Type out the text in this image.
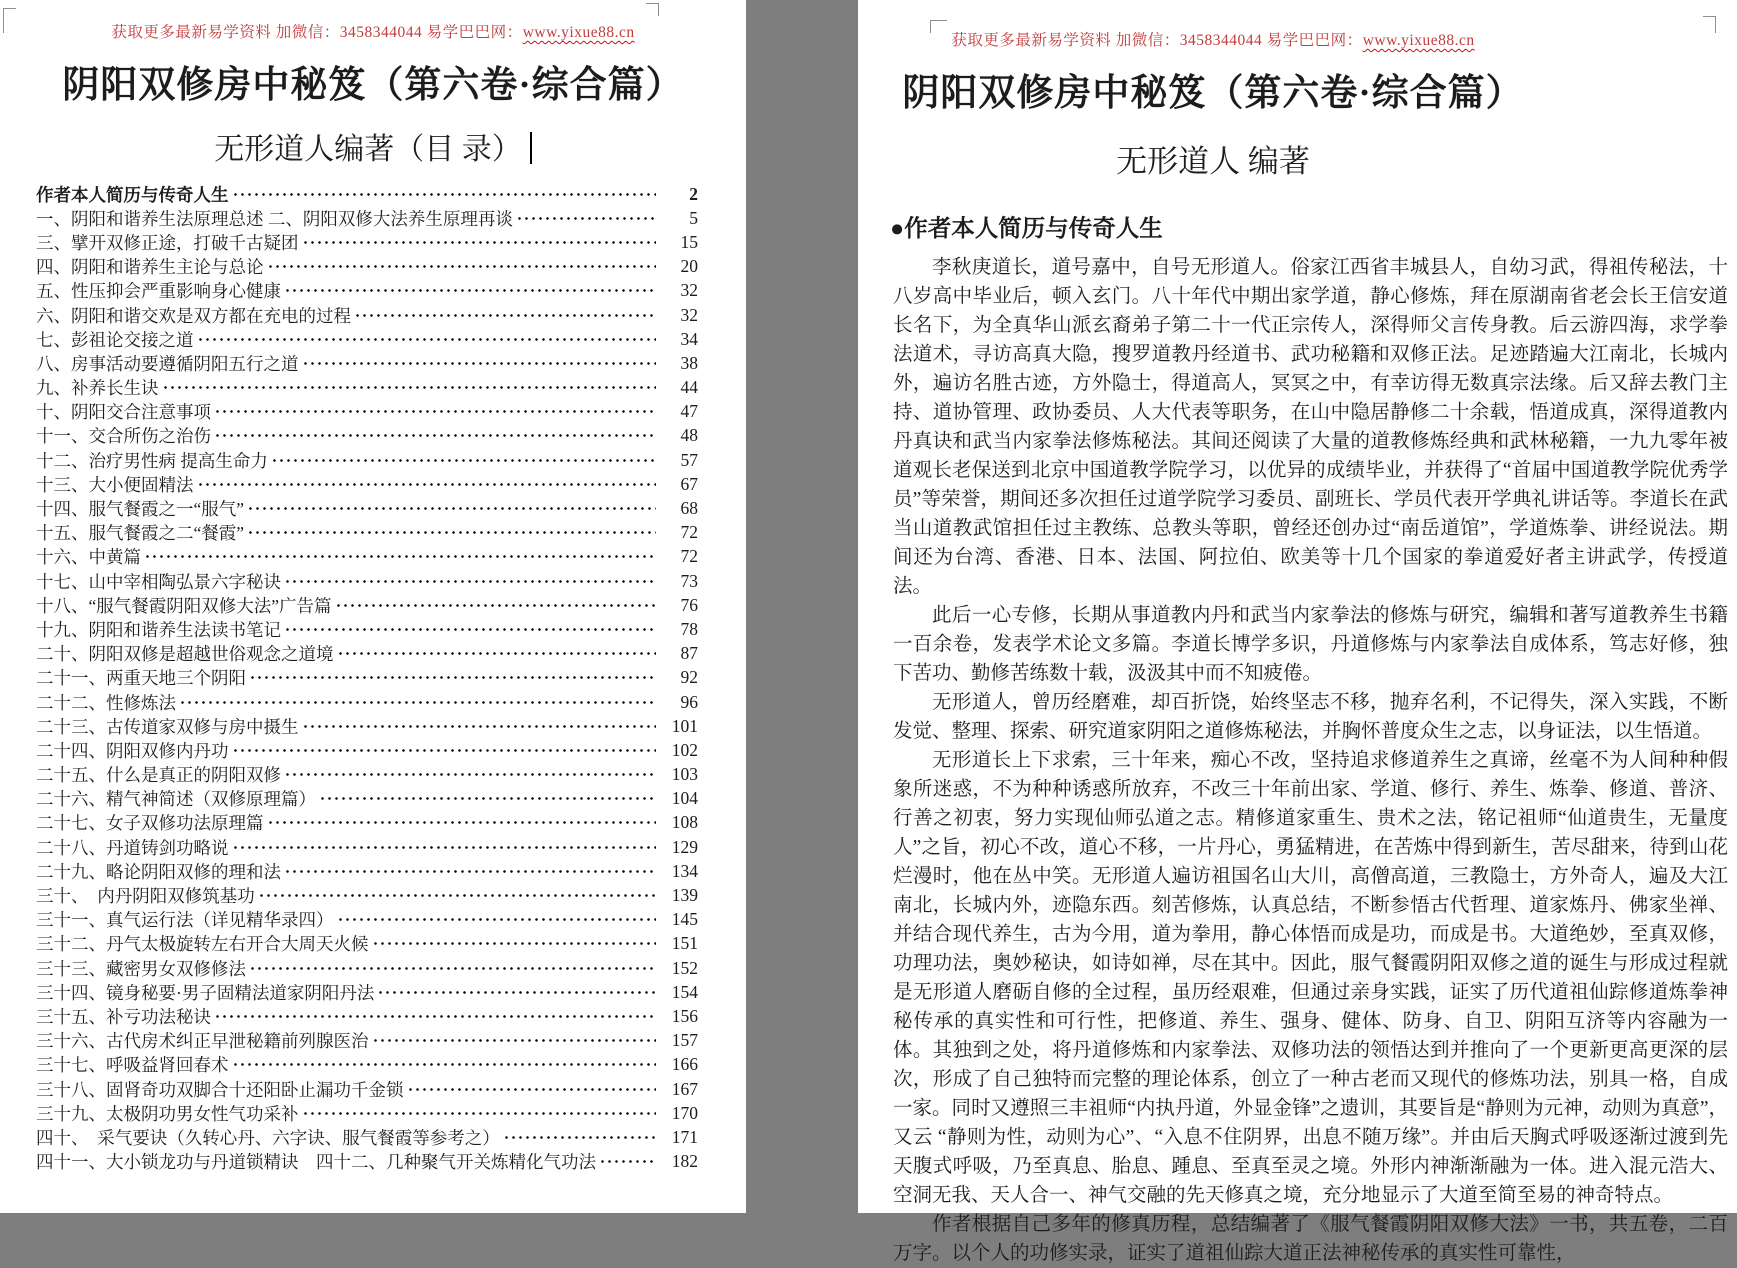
获取更多最新易学资料 加微信：3458344044 易学巴巴网：www.yixue88.cn
阴阳双修房中秘笈（第六卷·综合篇）
无形道人编著（目 录）
作者本人简历与传奇人生	2
一、阴阳和谐养生法原理总述 二、阴阳双修大法养生原理再谈	5
三、擘开双修正途，打破千古疑团	15
四、阴阳和谐养生主论与总论	20
五、性压抑会严重影响身心健康	32
六、阴阳和谐交欢是双方都在充电的过程	32
七、彭祖论交接之道	34
八、房事活动要遵循阴阳五行之道	38
九、补养长生诀	44
十、阴阳交合注意事项	47
十一、交合所伤之治伤	48
十二、治疗男性病 提高生命力	57
十三、大小便固精法	67
十四、服气餐霞之一“服气”	68
十五、服气餐霞之二“餐霞”	72
十六、中黄篇	72
十七、山中宰相陶弘景六字秘诀	73
十八、“服气餐霞阴阳双修大法”广告篇	76
十九、阴阳和谐养生法读书笔记	78
二十、阴阳双修是超越世俗观念之道境	87
二十一、两重天地三个阴阳	92
二十二、性修炼法	96
二十三、古传道家双修与房中摄生	101
二十四、阴阳双修内丹功	102
二十五、什么是真正的阴阳双修	103
二十六、精气神简述（双修原理篇）	104
二十七、女子双修功法原理篇	108
二十八、丹道铸剑功略说	129
二十九、略论阴阳双修的理和法	134
三十、　内丹阴阳双修筑基功	139
三十一、真气运行法（详见精华录四）	145
三十二、丹气太极旋转左右开合大周天火候	151
三十三、藏密男女双修修法	152
三十四、镜身秘要·男子固精法道家阴阳丹法	154
三十五、补亏功法秘诀	156
三十六、古代房术纠正早泄秘籍前列腺医治	157
三十七、呼吸益肾回春术	166
三十八、固肾奇功双脚合十还阳卧止漏功千金锁	167
三十九、太极阴功男女性气功采补	170
四十、　采气要诀（久转心丹、六字诀、服气餐霞等参考之）	171
四十一、大小锁龙功与丹道锁精诀　四十二、几种聚气开关炼精化气功法	182
获取更多最新易学资料 加微信：3458344044 易学巴巴网：www.yixue88.cn
阴阳双修房中秘笈（第六卷·综合篇）
无形道人 编著
●作者本人简历与传奇人生

李秋庚道长，道号嘉中，自号无形道人。俗家江西省丰城县人，自幼习武，得祖传秘法，十八岁高中毕业后，顿入玄门。八十年代中期出家学道，静心修炼，拜在原湖南省老会长王信安道长名下，为全真华山派玄裔弟子第二十一代正宗传人，深得师父言传身教。后云游四海，求学拳法道术，寻访高真大隐，搜罗道教丹经道书、武功秘籍和双修正法。足迹踏遍大江南北，长城内外，遍访名胜古迹，方外隐士，得道高人，冥冥之中，有幸访得无数真宗法缘。后又辞去教门主持、道协管理、政协委员、人大代表等职务，在山中隐居静修二十余载，悟道成真，深得道教内丹真诀和武当内家拳法修炼秘法。其间还阅读了大量的道教修炼经典和武林秘籍，一九九零年被道观长老保送到北京中国道教学院学习，以优异的成绩毕业，并获得了“首届中国道教学院优秀学员”等荣誉，期间还多次担任过道学院学习委员、副班长、学员代表开学典礼讲话等。李道长在武当山道教武馆担任过主教练、总教头等职，曾经还创办过“南岳道馆”，学道炼拳、讲经说法。期间还为台湾、香港、日本、法国、阿拉伯、欧美等十几个国家的拳道爱好者主讲武学，传授道法。

此后一心专修，长期从事道教内丹和武当内家拳法的修炼与研究，编辑和著写道教养生书籍一百余卷，发表学术论文多篇。李道长博学多识，丹道修炼与内家拳法自成体系，笃志好修，独下苦功、勤修苦练数十载，汲汲其中而不知疲倦。

无形道人，曾历经磨难，却百折饶，始终坚志不移，抛弃名利，不记得失，深入实践，不断发觉、整理、探索、研究道家阴阳之道修炼秘法，并胸怀普度众生之志，以身证法，以生悟道。

无形道长上下求索，三十年来，痴心不改，坚持追求修道养生之真谛，丝毫不为人间种种假象所迷惑，不为种种诱惑所放弃，不改三十年前出家、学道、修行、养生、炼拳、修道、普济、行善之初衷，努力实现仙师弘道之志。精修道家重生、贵术之法，铭记祖师“仙道贵生，无量度人”之旨，初心不改，道心不移，一片丹心，勇猛精进，在苦炼中得到新生，苦尽甜来，待到山花烂漫时，他在丛中笑。无形道人遍访祖国名山大川，高僧高道，三教隐士，方外奇人，遍及大江南北，长城内外，迹隐东西。刻苦修炼，认真总结，不断参悟古代哲理、道家炼丹、佛家坐禅、并结合现代养生，古为今用，道为拳用，静心体悟而成是功，而成是书。大道绝妙，至真双修，功理功法，奥妙秘诀，如诗如禅，尽在其中。因此，服气餐霞阴阳双修之道的诞生与形成过程就是无形道人磨砺自修的全过程，虽历经艰难，但通过亲身实践，证实了历代道祖仙踪修道炼拳神秘传承的真实性和可行性，把修道、养生、强身、健体、防身、自卫、阴阳互济等内容融为一体。其独到之处，将丹道修炼和内家拳法、双修功法的领悟达到并推向了一个更新更高更深的层次，形成了自己独特而完整的理论体系，创立了一种古老而又现代的修炼功法，别具一格，自成一家。同时又遵照三丰祖师“内执丹道，外显金锋”之遗训，其要旨是“静则为元神，动则为真意”，又云 “静则为性，动则为心”、“入息不住阴界，出息不随万缘”。并由后天胸式呼吸逐渐过渡到先天腹式呼吸，乃至真息、胎息、踵息、至真至灵之境。外形内神渐渐融为一体。进入混元浩大、空洞无我、天人合一、神气交融的先天修真之境，充分地显示了大道至简至易的神奇特点。

作者根据自己多年的修真历程，总结编著了《服气餐霞阴阳双修大法》一书，共五卷，二百万字。以个人的功修实录，证实了道祖仙踪大道正法神秘传承的真实性可靠性，
